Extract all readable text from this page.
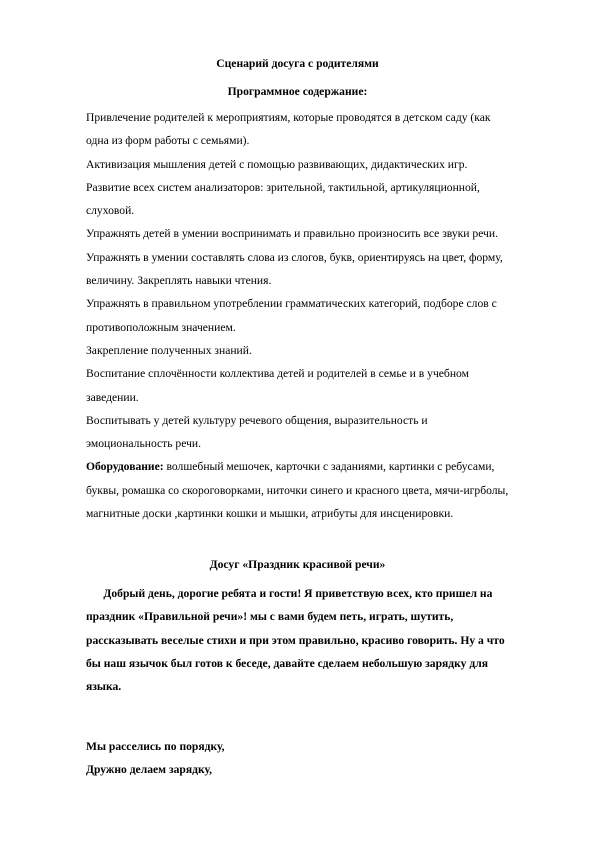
Сценарий досуга с родителями
Программное содержание:
Привлечение родителей к мероприятиям, которые проводятся в детском саду (как
одна из форм работы с семьями).
Активизация мышления детей с помощью развивающих, дидактических игр.
Развитие всех систем анализаторов: зрительной, тактильной, артикуляционной,
слуховой.
Упражнять детей в умении воспринимать и правильно произносить все звуки речи.
Упражнять в умении составлять слова из слогов, букв, ориентируясь на цвет, форму,
величину. Закреплять навыки чтения.
Упражнять в правильном употреблении грамматических категорий, подборе слов с
противоположным значением.
Закрепление полученных знаний.
Воспитание сплочённости коллектива детей и родителей в семье и в учебном
заведении.
Воспитывать у детей культуру речевого общения, выразительность и
эмоциональность речи.
Оборудование: волшебный мешочек, карточки с заданиями, картинки с ребусами,
буквы, ромашка со скороговорками, ниточки синего и красного цвета, мячи-игрболы,
магнитные доски ,картинки кошки и мышки, атрибуты для инсценировки.
Досуг «Праздник красивой речи»
Добрый день, дорогие ребята и гости! Я приветствую всех, кто пришел на
праздник «Правильной речи»! мы с вами будем петь, играть, шутить,
рассказывать веселые стихи и при этом правильно, красиво говорить. Ну а что
бы наш язычок был готов к беседе, давайте сделаем небольшую зарядку для
языка.
Мы расселись по порядку,
Дружно делаем зарядку,
